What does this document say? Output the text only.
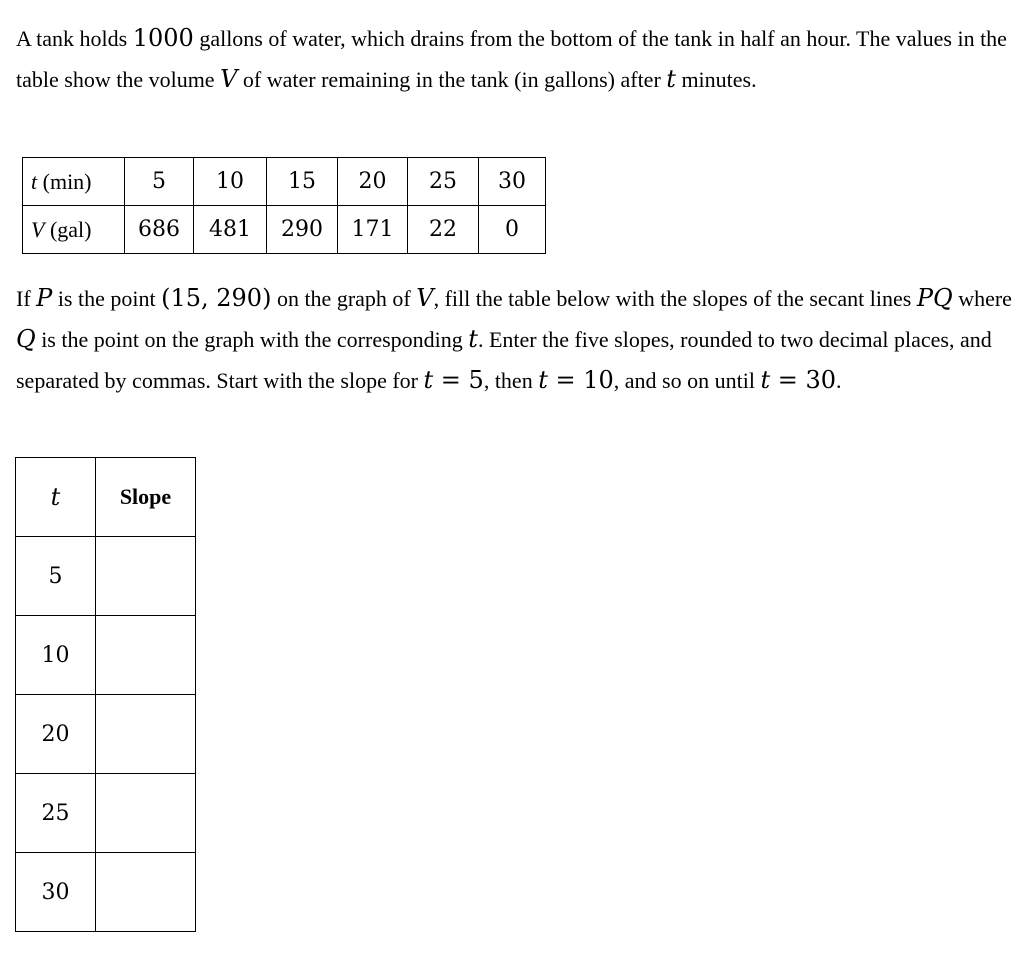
A tank holds 1000 gallons of water, which drains from the bottom of the tank in half an hour. The values in the table show the volume V of water remaining in the tank (in gallons) after t minutes.

t (min)	5	10	15	20	25	30
V (gal)	686	481	290	171	22	0

If P is the point (15, 290) on the graph of V, fill the table below with the slopes of the secant lines PQ where Q is the point on the graph with the corresponding t. Enter the five slopes, rounded to two decimal places, and separated by commas. Start with the slope for t = 5, then t = 10, and so on until t = 30.

t	Slope
5	
10	
20	
25	
30	
